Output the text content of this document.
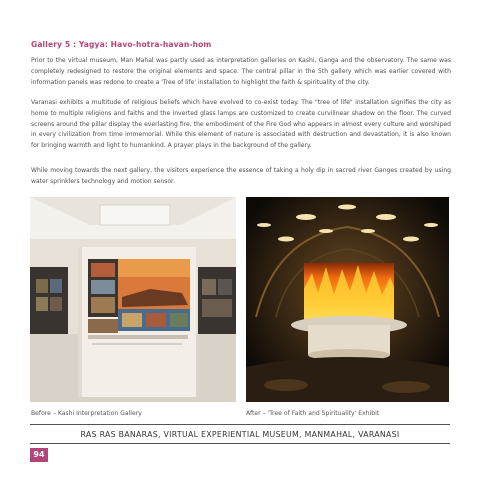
Gallery 5 : Yagya: Havo-hotra-havan-hom

Prior to the virtual museum, Man Mahal was partly used as interpretation galleries on Kashi, Ganga and the observatory. The same was completely redesigned to restore the original elements and space. The central pillar in the 5th gallery which was earlier covered with information panels was redone to create a 'Tree of life' installation to highlight the faith & spirituality of the city.

Varanasi exhibits a multitude of religious beliefs which have evolved to co-exist today. The "tree of life" installation signifies the city as home to multiple religions and faiths and the inverted glass lamps are customized to create curvilinear shadow on the floor. The curved screens around the pillar display the everlasting fire, the embodiment of the Fire God who appears in almost every culture and worshiped in every civilization from time immemorial. While this element of nature is associated with destruction and devastation, it is also known for bringing warmth and light to humankind. A prayer plays in the background of the gallery.

While moving towards the next gallery, the visitors experience the essence of taking a holy dip in sacred river Ganges created by using water sprinklers technology and motion sensor.

Before – Kashi Interpretation Gallery	After – 'Tree of Faith and Spirituality' Exhibit
RAS RAS BANARAS, VIRTUAL EXPERIENTIAL MUSEUM, MANMAHAL, VARANASI
94
